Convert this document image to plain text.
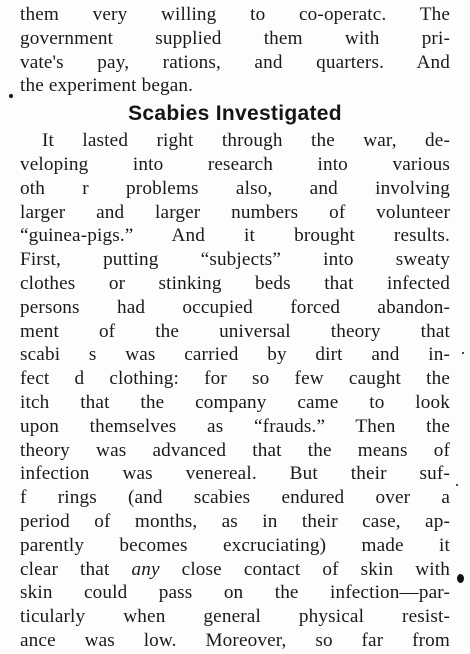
them very willing to co-operatc. The
government supplied them with pri-
vate's pay, rations, and quarters. And
the experiment began.
Scabies Investigated
It lasted right through the war, de-
veloping into research into various
oth r problems also, and involving
larger and larger numbers of volunteer
“guinea-pigs.” And it brought results.
First, putting “subjects” into sweaty
clothes or stinking beds that infected
persons had occupied forced abandon-
ment of the universal theory that
scabi s was carried by dirt and in-
fect d clothing: for so few caught the
itch that the company came to look
upon themselves as “frauds.” Then the
theory was advanced that the means of
infection was venereal. But their suf-
f rings (and scabies endured over a
period of months, as in their case, ap-
parently becomes excruciating) made it
clear that any close contact of skin with
skin could pass on the infection—par-
ticularly when general physical resist-
ance was low. Moreover, so far from
